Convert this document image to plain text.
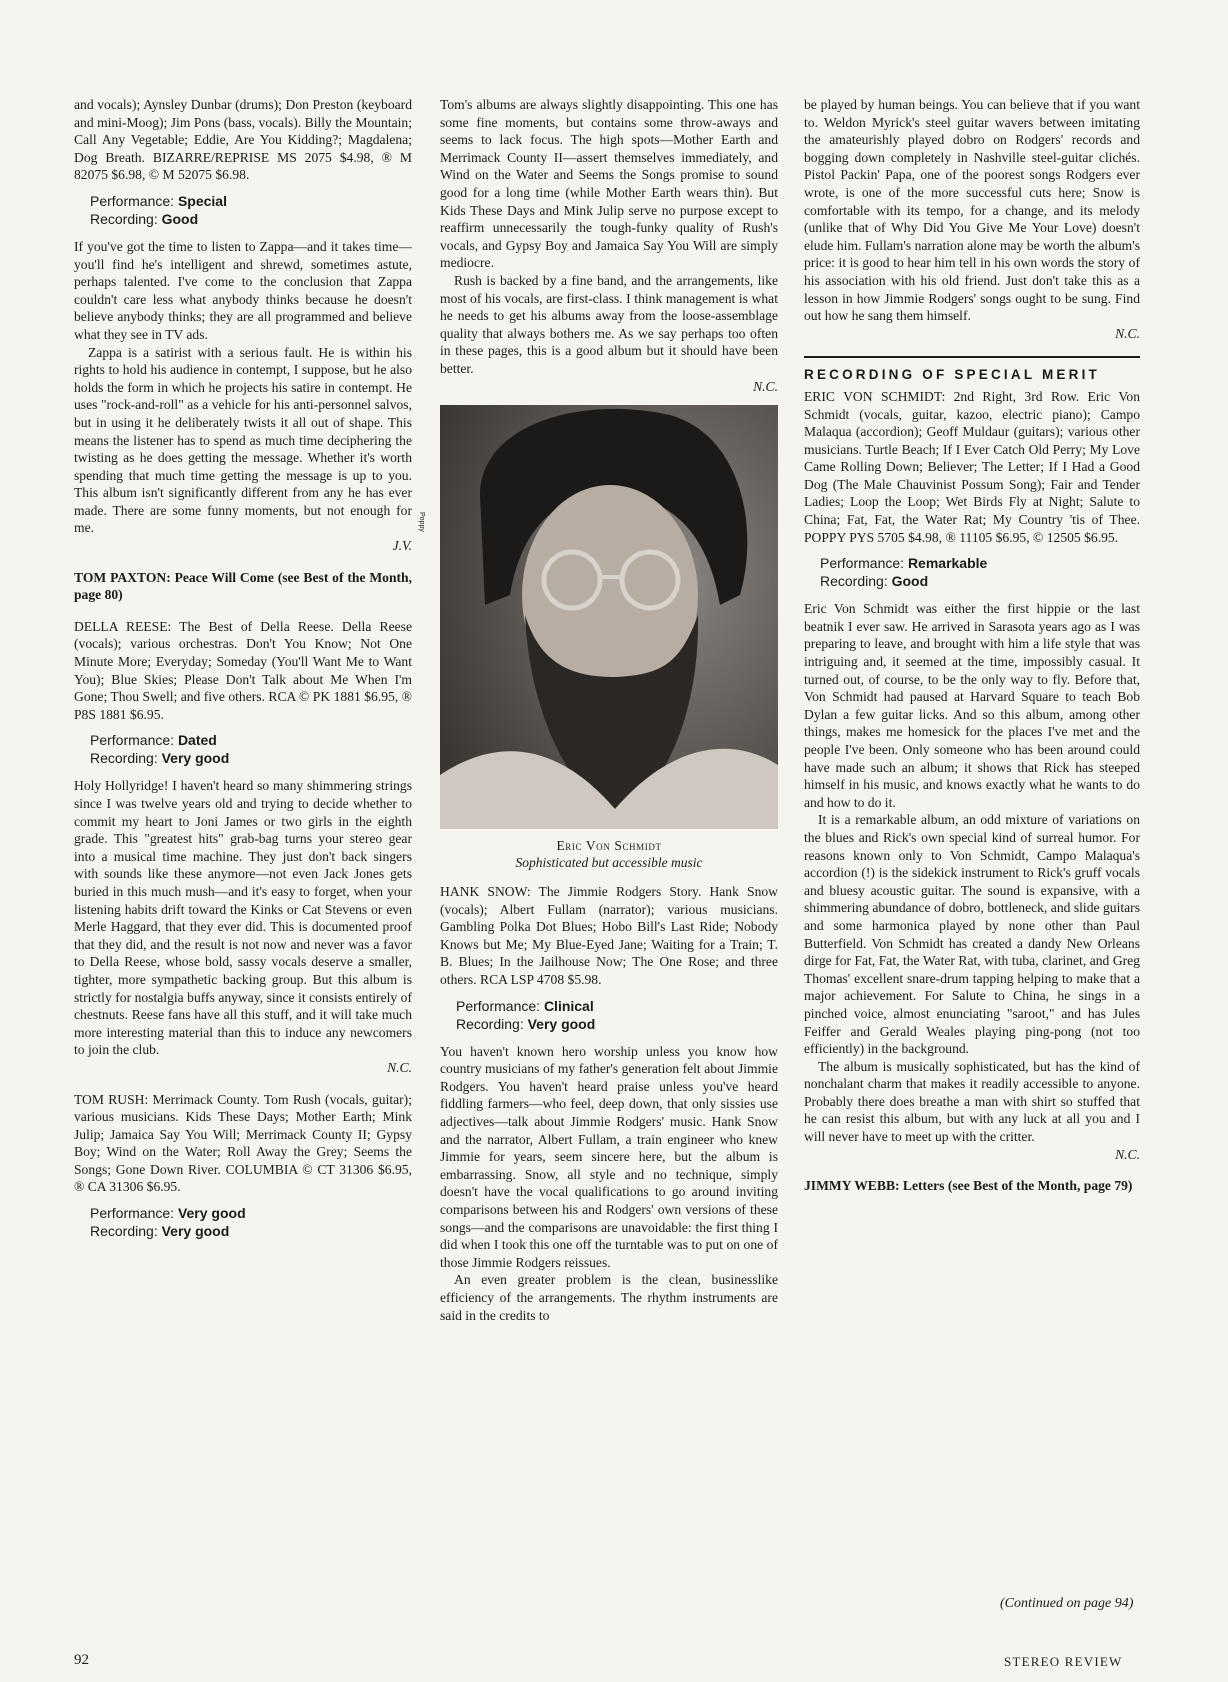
and vocals); Aynsley Dunbar (drums); Don Preston (keyboard and mini-Moog); Jim Pons (bass, vocals). Billy the Mountain; Call Any Vegetable; Eddie, Are You Kidding?; Magdalena; Dog Breath. BIZARRE/REPRISE MS 2075 $4.98, ® M 82075 $6.98, © M 52075 $6.98.

Performance: Special
Recording: Good

If you've got the time to listen to Zappa—and it takes time—you'll find he's intelligent and shrewd, sometimes astute, perhaps talented. I've come to the conclusion that Zappa couldn't care less what anybody thinks because he doesn't believe anybody thinks; they are all programmed and believe what they see in TV ads.

Zappa is a satirist with a serious fault. He is within his rights to hold his audience in contempt, I suppose, but he also holds the form in which he projects his satire in contempt. He uses "rock-and-roll" as a vehicle for his anti-personnel salvos, but in using it he deliberately twists it all out of shape. This means the listener has to spend as much time deciphering the twisting as he does getting the message. Whether it's worth spending that much time getting the message is up to you. This album isn't significantly different from any he has ever made. There are some funny moments, but not enough for me.

J.V.

TOM PAXTON: Peace Will Come (see Best of the Month, page 80)

DELLA REESE: The Best of Della Reese. Della Reese (vocals); various orchestras. Don't You Know; Not One Minute More; Everyday; Someday (You'll Want Me to Want You); Blue Skies; Please Don't Talk about Me When I'm Gone; Thou Swell; and five others. RCA © PK 1881 $6.95, ® P8S 1881 $6.95.

Performance: Dated
Recording: Very good

Holy Hollyridge! I haven't heard so many shimmering strings since I was twelve years old and trying to decide whether to commit my heart to Joni James or two girls in the eighth grade. This "greatest hits" grab-bag turns your stereo gear into a musical time machine. They just don't back singers with sounds like these anymore—not even Jack Jones gets buried in this much mush—and it's easy to forget, when your listening habits drift toward the Kinks or Cat Stevens or even Merle Haggard, that they ever did. This is documented proof that they did, and the result is not now and never was a favor to Della Reese, whose bold, sassy vocals deserve a smaller, tighter, more sympathetic backing group. But this album is strictly for nostalgia buffs anyway, since it consists entirely of chestnuts. Reese fans have all this stuff, and it will take much more interesting material than this to induce any newcomers to join the club.

N.C.

TOM RUSH: Merrimack County. Tom Rush (vocals, guitar); various musicians. Kids These Days; Mother Earth; Mink Julip; Jamaica Say You Will; Merrimack County II; Gypsy Boy; Wind on the Water; Roll Away the Grey; Seems the Songs; Gone Down River. COLUMBIA © CT 31306 $6.95, ® CA 31306 $6.95.

Performance: Very good
Recording: Very good

Tom's albums are always slightly disappointing. This one has some fine moments, but contains some throw-aways and seems to lack focus. The high spots—Mother Earth and Merrimack County II—assert themselves immediately, and Wind on the Water and Seems the Songs promise to sound good for a long time (while Mother Earth wears thin). But Kids These Days and Mink Julip serve no purpose except to reaffirm unnecessarily the tough-funky quality of Rush's vocals, and Gypsy Boy and Jamaica Say You Will are simply mediocre.

Rush is backed by a fine band, and the arrangements, like most of his vocals, are first-class. I think management is what he needs to get his albums away from the loose-assemblage quality that always bothers me. As we say perhaps too often in these pages, this is a good album but it should have been better.

N.C.
Eric Von Schmidt
Sophisticated but accessible music

HANK SNOW: The Jimmie Rodgers Story. Hank Snow (vocals); Albert Fullam (narrator); various musicians. Gambling Polka Dot Blues; Hobo Bill's Last Ride; Nobody Knows but Me; My Blue-Eyed Jane; Waiting for a Train; T. B. Blues; In the Jailhouse Now; The One Rose; and three others. RCA LSP 4708 $5.98.

Performance: Clinical
Recording: Very good

You haven't known hero worship unless you know how country musicians of my father's generation felt about Jimmie Rodgers. You haven't heard praise unless you've heard fiddling farmers—who feel, deep down, that only sissies use adjectives—talk about Jimmie Rodgers' music. Hank Snow and the narrator, Albert Fullam, a train engineer who knew Jimmie for years, seem sincere here, but the album is embarrassing. Snow, all style and no technique, simply doesn't have the vocal qualifications to go around inviting comparisons between his and Rodgers' own versions of these songs—and the comparisons are unavoidable: the first thing I did when I took this one off the turntable was to put on one of those Jimmie Rodgers reissues.

An even greater problem is the clean, businesslike efficiency of the arrangements. The rhythm instruments are said in the credits to

Poppy

be played by human beings. You can believe that if you want to. Weldon Myrick's steel guitar wavers between imitating the amateurishly played dobro on Rodgers' records and bogging down completely in Nashville steel-guitar clichés. Pistol Packin' Papa, one of the poorest songs Rodgers ever wrote, is one of the more successful cuts here; Snow is comfortable with its tempo, for a change, and its melody (unlike that of Why Did You Give Me Your Love) doesn't elude him. Fullam's narration alone may be worth the album's price: it is good to hear him tell in his own words the story of his association with his old friend. Just don't take this as a lesson in how Jimmie Rodgers' songs ought to be sung. Find out how he sang them himself.

N.C.
RECORDING OF SPECIAL MERIT

ERIC VON SCHMIDT: 2nd Right, 3rd Row. Eric Von Schmidt (vocals, guitar, kazoo, electric piano); Campo Malaqua (accordion); Geoff Muldaur (guitars); various other musicians. Turtle Beach; If I Ever Catch Old Perry; My Love Came Rolling Down; Believer; The Letter; If I Had a Good Dog (The Male Chauvinist Possum Song); Fair and Tender Ladies; Loop the Loop; Wet Birds Fly at Night; Salute to China; Fat, Fat, the Water Rat; My Country 'tis of Thee. POPPY PYS 5705 $4.98, ® 11105 $6.95, © 12505 $6.95.

Performance: Remarkable
Recording: Good

Eric Von Schmidt was either the first hippie or the last beatnik I ever saw. He arrived in Sarasota years ago as I was preparing to leave, and brought with him a life style that was intriguing and, it seemed at the time, impossibly casual. It turned out, of course, to be the only way to fly. Before that, Von Schmidt had paused at Harvard Square to teach Bob Dylan a few guitar licks. And so this album, among other things, makes me homesick for the places I've met and the people I've been. Only someone who has been around could have made such an album; it shows that Rick has steeped himself in his music, and knows exactly what he wants to do and how to do it.

It is a remarkable album, an odd mixture of variations on the blues and Rick's own special kind of surreal humor. For reasons known only to Von Schmidt, Campo Malaqua's accordion (!) is the sidekick instrument to Rick's gruff vocals and bluesy acoustic guitar. The sound is expansive, with a shimmering abundance of dobro, bottleneck, and slide guitars and some harmonica played by none other than Paul Butterfield. Von Schmidt has created a dandy New Orleans dirge for Fat, Fat, the Water Rat, with tuba, clarinet, and Greg Thomas' excellent snare-drum tapping helping to make that a major achievement. For Salute to China, he sings in a pinched voice, almost enunciating "saroot," and has Jules Feiffer and Gerald Weales playing ping-pong (not too efficiently) in the background.

The album is musically sophisticated, but has the kind of nonchalant charm that makes it readily accessible to anyone. Probably there does breathe a man with shirt so stuffed that he can resist this album, but with any luck at all you and I will never have to meet up with the critter.

N.C.

JIMMY WEBB: Letters (see Best of the Month, page 79)

(Continued on page 94)
92	STEREO REVIEW
